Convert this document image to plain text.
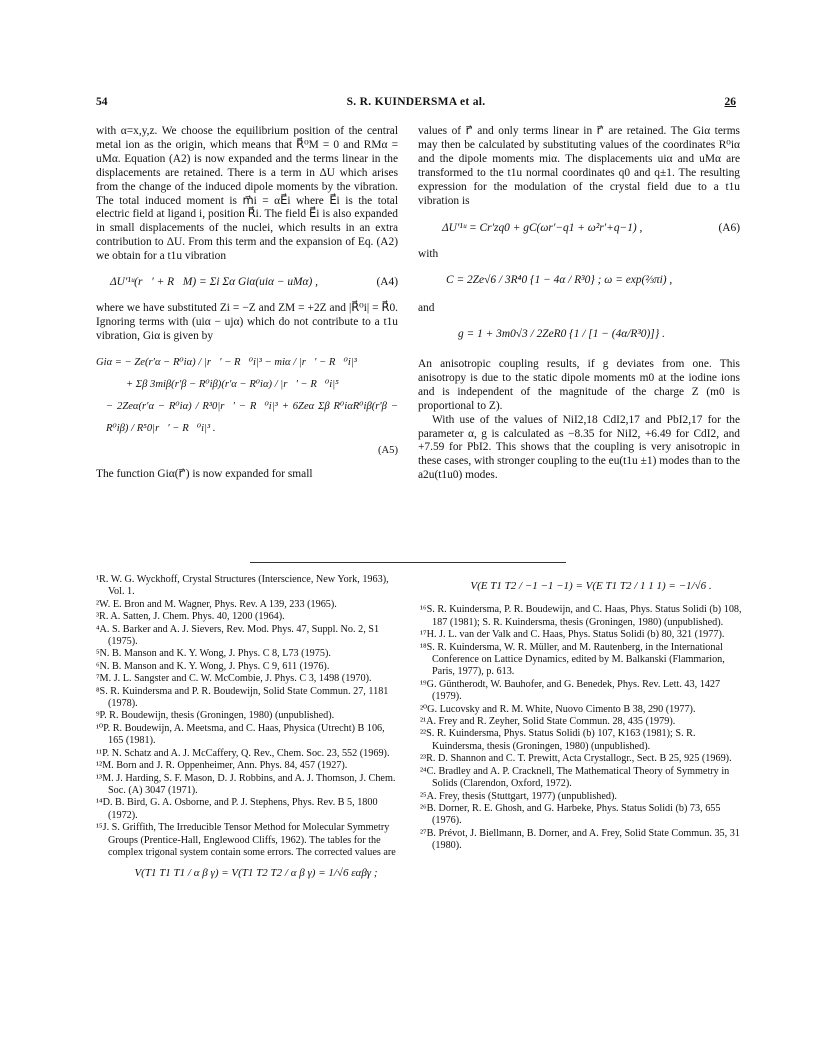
54	S. R. KUINDERSMA et al.	26

with α=x,y,z. We choose the equilibrium position of the central metal ion as the origin, which means that R⃗⁰M = 0 and RMα = uMα. Equation (A2) is now expanded and the terms linear in the displacements are retained. There is a term in ΔU which arises from the change of the induced dipole moments by the vibration. The total induced moment is m⃗i = αE⃗i where E⃗i is the total electric field at ligand i, position R⃗i. The field E⃗i is also expanded in small displacements of the nuclei, which results in an extra contribution to ΔU. From this term and the expansion of Eq. (A2) we obtain for a t1u vibration

ΔU′¹ᵘ(r⃗′ + R⃗M) = Σi Σα Giα(uiα − uMα) ,	(A4)

where we have substituted Zi = −Z and ZM = +2Z and |R⃗⁰i| = R⃗0. Ignoring terms with (uiα − ujα) which do not contribute to a t1u vibration, Giα is given by

Giα = − Ze(r′α − R⁰iα) / |r⃗′ − R⃗⁰i|³ − miα / |r⃗′ − R⃗⁰i|³
+ Σβ 3miβ(r′β − R⁰iβ)(r′α − R⁰iα) / |r⃗′ − R⃗⁰i|⁵
− 2Zeα(r′α − R⁰iα) / R³0|r⃗′ − R⃗⁰i|³ + 6Zeα Σβ R⁰iαR⁰iβ(r′β − R⁰iβ) / R⁵0|r⃗′ − R⃗⁰i|³ .
(A5)

The function Giα(r⃗′) is now expanded for small

values of r⃗′ and only terms linear in r⃗′ are retained. The Giα terms may then be calculated by substituting values of the coordinates R⁰iα and the dipole moments miα. The displacements uiα and uMα are transformed to the t1u normal coordinates q0 and q±1. The resulting expression for the modulation of the crystal field due to a t1u vibration is

ΔU′¹ᵘ = Cr′zq0 + gC(ωr′−q1 + ω²r′+q−1) ,	(A6)

with

C = 2Ze√6 / 3R⁴0 {1 − 4α / R³0} ; ω = exp(⅔πi) ,

and

g = 1 + 3m0√3 / 2ZeR0 {1 / [1 − (4α/R³0)]} .

An anisotropic coupling results, if g deviates from one. This anisotropy is due to the static dipole moments m0 at the iodine ions and is independent of the magnitude of the charge Z (m0 is proportional to Z).

With use of the values of NiI2,18 CdI2,17 and PbI2,17 for the parameter α, g is calculated as −8.35 for NiI2, +6.49 for CdI2, and +7.59 for PbI2. This shows that the coupling is very anisotropic in these cases, with stronger coupling to the eu(t1u ±1) modes than to the a2u(t1u0) modes.

¹R. W. G. Wyckhoff, Crystal Structures (Interscience, New York, 1963), Vol. 1.

²W. E. Bron and M. Wagner, Phys. Rev. A 139, 233 (1965).

³R. A. Satten, J. Chem. Phys. 40, 1200 (1964).

⁴A. S. Barker and A. J. Sievers, Rev. Mod. Phys. 47, Suppl. No. 2, S1 (1975).

⁵N. B. Manson and K. Y. Wong, J. Phys. C 8, L73 (1975).

⁶N. B. Manson and K. Y. Wong, J. Phys. C 9, 611 (1976).

⁷M. J. L. Sangster and C. W. McCombie, J. Phys. C 3, 1498 (1970).

⁸S. R. Kuindersma and P. R. Boudewijn, Solid State Commun. 27, 1181 (1978).

⁹P. R. Boudewijn, thesis (Groningen, 1980) (unpublished).

¹⁰P. R. Boudewijn, A. Meetsma, and C. Haas, Physica (Utrecht) B 106, 165 (1981).

¹¹P. N. Schatz and A. J. McCaffery, Q. Rev., Chem. Soc. 23, 552 (1969).

¹²M. Born and J. R. Oppenheimer, Ann. Phys. 84, 457 (1927).

¹³M. J. Harding, S. F. Mason, D. J. Robbins, and A. J. Thomson, J. Chem. Soc. (A) 3047 (1971).

¹⁴D. B. Bird, G. A. Osborne, and P. J. Stephens, Phys. Rev. B 5, 1800 (1972).

¹⁵J. S. Griffith, The Irreducible Tensor Method for Molecular Symmetry Groups (Prentice-Hall, Englewood Cliffs, 1962). The tables for the complex trigonal system contain some errors. The corrected values are

V(T1 T1 T1 / α β γ) = V(T1 T2 T2 / α β γ) = 1/√6 εαβγ ;
V(E T1 T2 / −1 −1 −1) = V(E T1 T2 / 1 1 1) = −1/√6 .

¹⁶S. R. Kuindersma, P. R. Boudewijn, and C. Haas, Phys. Status Solidi (b) 108, 187 (1981); S. R. Kuindersma, thesis (Groningen, 1980) (unpublished).

¹⁷H. J. L. van der Valk and C. Haas, Phys. Status Solidi (b) 80, 321 (1977).

¹⁸S. R. Kuindersma, W. R. Müller, and M. Rautenberg, in the International Conference on Lattice Dynamics, edited by M. Balkanski (Flammarion, Paris, 1977), p. 613.

¹⁹G. Güntherodt, W. Bauhofer, and G. Benedek, Phys. Rev. Lett. 43, 1427 (1979).

²⁰G. Lucovsky and R. M. White, Nuovo Cimento B 38, 290 (1977).

²¹A. Frey and R. Zeyher, Solid State Commun. 28, 435 (1979).

²²S. R. Kuindersma, Phys. Status Solidi (b) 107, K163 (1981); S. R. Kuindersma, thesis (Groningen, 1980) (unpublished).

²³R. D. Shannon and C. T. Prewitt, Acta Crystallogr., Sect. B 25, 925 (1969).

²⁴C. Bradley and A. P. Cracknell, The Mathematical Theory of Symmetry in Solids (Clarendon, Oxford, 1972).

²⁵A. Frey, thesis (Stuttgart, 1977) (unpublished).

²⁶B. Dorner, R. E. Ghosh, and G. Harbeke, Phys. Status Solidi (b) 73, 655 (1976).

²⁷B. Prévot, J. Biellmann, B. Dorner, and A. Frey, Solid State Commun. 35, 31 (1980).
